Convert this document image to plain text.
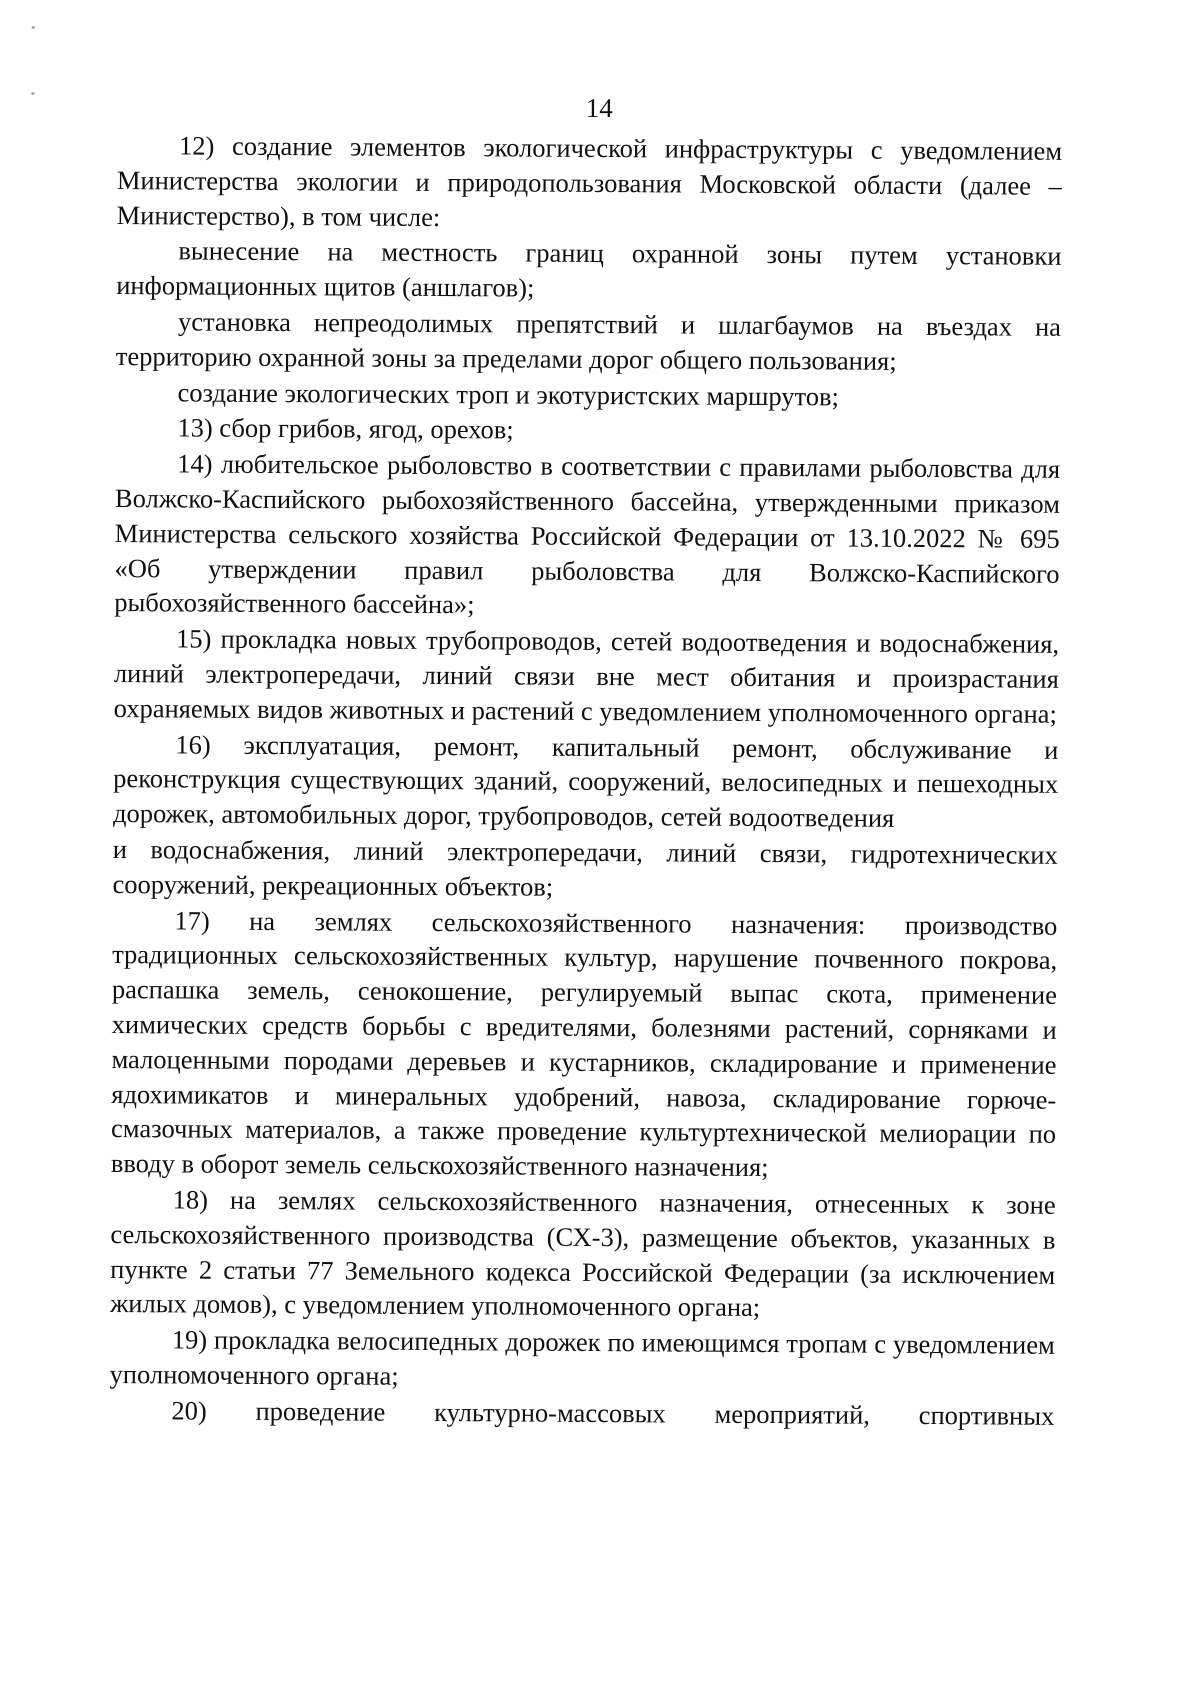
14

12) создание элементов экологической инфраструктуры с уведомлением Министерства экологии и природопользования Московской области (далее – Министерство), в том числе:

вынесение на местность границ охранной зоны путем установки информационных щитов (аншлагов);

установка непреодолимых препятствий и шлагбаумов на въездах на территорию охранной зоны за пределами дорог общего пользования;

создание экологических троп и экотуристских маршрутов;

13) сбор грибов, ягод, орехов;

14) любительское рыболовство в соответствии с правилами рыболовства для Волжско-Каспийского рыбохозяйственного бассейна, утвержденными приказом Министерства сельского хозяйства Российской Федерации от 13.10.2022 № 695 «Об утверждении правил рыболовства для Волжско-Каспийского рыбохозяйственного бассейна»;

15) прокладка новых трубопроводов, сетей водоотведения и водоснабжения, линий электропередачи, линий связи вне мест обитания и произрастания охраняемых видов животных и растений с уведомлением уполномоченного органа;

16) эксплуатация, ремонт, капитальный ремонт, обслуживание и реконструкция существующих зданий, сооружений, велосипедных и пешеходных дорожек, автомобильных дорог, трубопроводов, сетей водоотведения

и водоснабжения, линий электропередачи, линий связи, гидротехнических сооружений, рекреационных объектов;

17) на землях сельскохозяйственного назначения: производство традиционных сельскохозяйственных культур, нарушение почвенного покрова, распашка земель, сенокошение, регулируемый выпас скота, применение химических средств борьбы с вредителями, болезнями растений, сорняками и малоценными породами деревьев и кустарников, складирование и применение ядохимикатов и минеральных удобрений, навоза, складирование горюче-смазочных материалов, а также проведение культуртехнической мелиорации по вводу в оборот земель сельскохозяйственного назначения;

18) на землях сельскохозяйственного назначения, отнесенных к зоне сельскохозяйственного производства (СХ-3), размещение объектов, указанных в пункте 2 статьи 77 Земельного кодекса Российской Федерации (за исключением жилых домов), с уведомлением уполномоченного органа;

19) прокладка велосипедных дорожек по имеющимся тропам с уведомлением уполномоченного органа;

20) проведение культурно-массовых мероприятий, спортивных
